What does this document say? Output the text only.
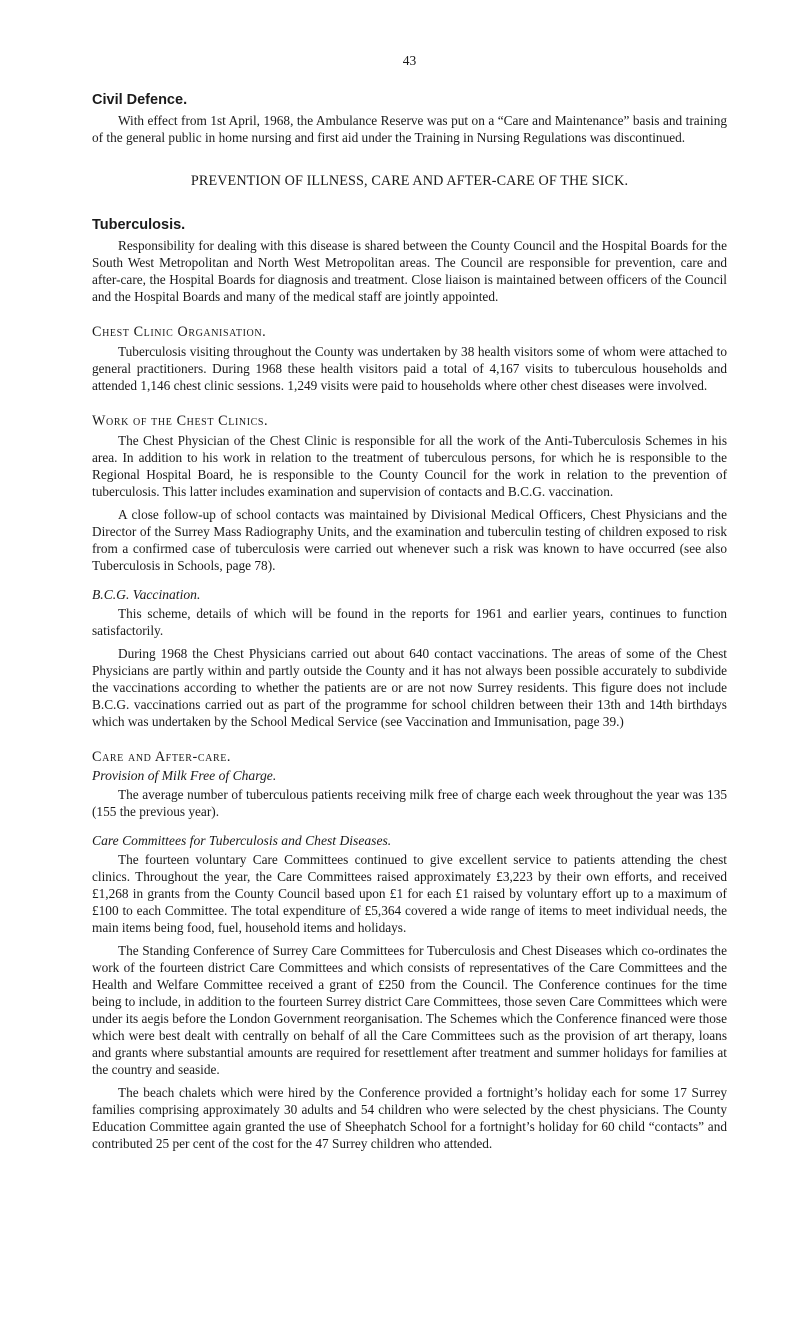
43

Civil Defence.

With effect from 1st April, 1968, the Ambulance Reserve was put on a “Care and Maintenance” basis and training of the general public in home nursing and first aid under the Training in Nursing Regulations was discontinued.

PREVENTION OF ILLNESS, CARE AND AFTER-CARE OF THE SICK.
Tuberculosis.

Responsibility for dealing with this disease is shared between the County Council and the Hospital Boards for the South West Metropolitan and North West Metropolitan areas. The Council are responsible for prevention, care and after-care, the Hospital Boards for diagnosis and treatment. Close liaison is maintained between officers of the Council and the Hospital Boards and many of the medical staff are jointly appointed.

Chest Clinic Organisation.

Tuberculosis visiting throughout the County was undertaken by 38 health visitors some of whom were attached to general practitioners. During 1968 these health visitors paid a total of 4,167 visits to tuberculous households and attended 1,146 chest clinic sessions. 1,249 visits were paid to households where other chest diseases were involved.

Work of the Chest Clinics.

The Chest Physician of the Chest Clinic is responsible for all the work of the Anti-Tuberculosis Schemes in his area. In addition to his work in relation to the treatment of tuberculous persons, for which he is responsible to the Regional Hospital Board, he is responsible to the County Council for the work in relation to the prevention of tuberculosis. This latter includes examination and supervision of contacts and B.C.G. vaccination.

A close follow-up of school contacts was maintained by Divisional Medical Officers, Chest Physicians and the Director of the Surrey Mass Radiography Units, and the examination and tuberculin testing of children exposed to risk from a confirmed case of tuberculosis were carried out whenever such a risk was known to have occurred (see also Tuberculosis in Schools, page 78).

B.C.G. Vaccination.

This scheme, details of which will be found in the reports for 1961 and earlier years, continues to function satisfactorily.

During 1968 the Chest Physicians carried out about 640 contact vaccinations. The areas of some of the Chest Physicians are partly within and partly outside the County and it has not always been possible accurately to subdivide the vaccinations according to whether the patients are or are not now Surrey residents. This figure does not include B.C.G. vaccinations carried out as part of the programme for school children between their 13th and 14th birthdays which was undertaken by the School Medical Service (see Vaccination and Immunisation, page 39.)

Care and After-care.
Provision of Milk Free of Charge.

The average number of tuberculous patients receiving milk free of charge each week throughout the year was 135 (155 the previous year).

Care Committees for Tuberculosis and Chest Diseases.

The fourteen voluntary Care Committees continued to give excellent service to patients attending the chest clinics. Throughout the year, the Care Committees raised approximately £3,223 by their own efforts, and received £1,268 in grants from the County Council based upon £1 for each £1 raised by voluntary effort up to a maximum of £100 to each Committee. The total expenditure of £5,364 covered a wide range of items to meet individual needs, the main items being food, fuel, household items and holidays.

The Standing Conference of Surrey Care Committees for Tuberculosis and Chest Diseases which co-ordinates the work of the fourteen district Care Committees and which consists of representatives of the Care Committees and the Health and Welfare Committee received a grant of £250 from the Council. The Conference continues for the time being to include, in addition to the fourteen Surrey district Care Committees, those seven Care Committees which were under its aegis before the London Government reorganisation. The Schemes which the Conference financed were those which were best dealt with centrally on behalf of all the Care Committees such as the provision of art therapy, loans and grants where substantial amounts are required for resettlement after treatment and summer holidays for families at the country and seaside.

The beach chalets which were hired by the Conference provided a fortnight’s holiday each for some 17 Surrey families comprising approximately 30 adults and 54 children who were selected by the chest physicians. The County Education Committee again granted the use of Sheephatch School for a fortnight’s holiday for 60 child “contacts” and contributed 25 per cent of the cost for the 47 Surrey children who attended.
